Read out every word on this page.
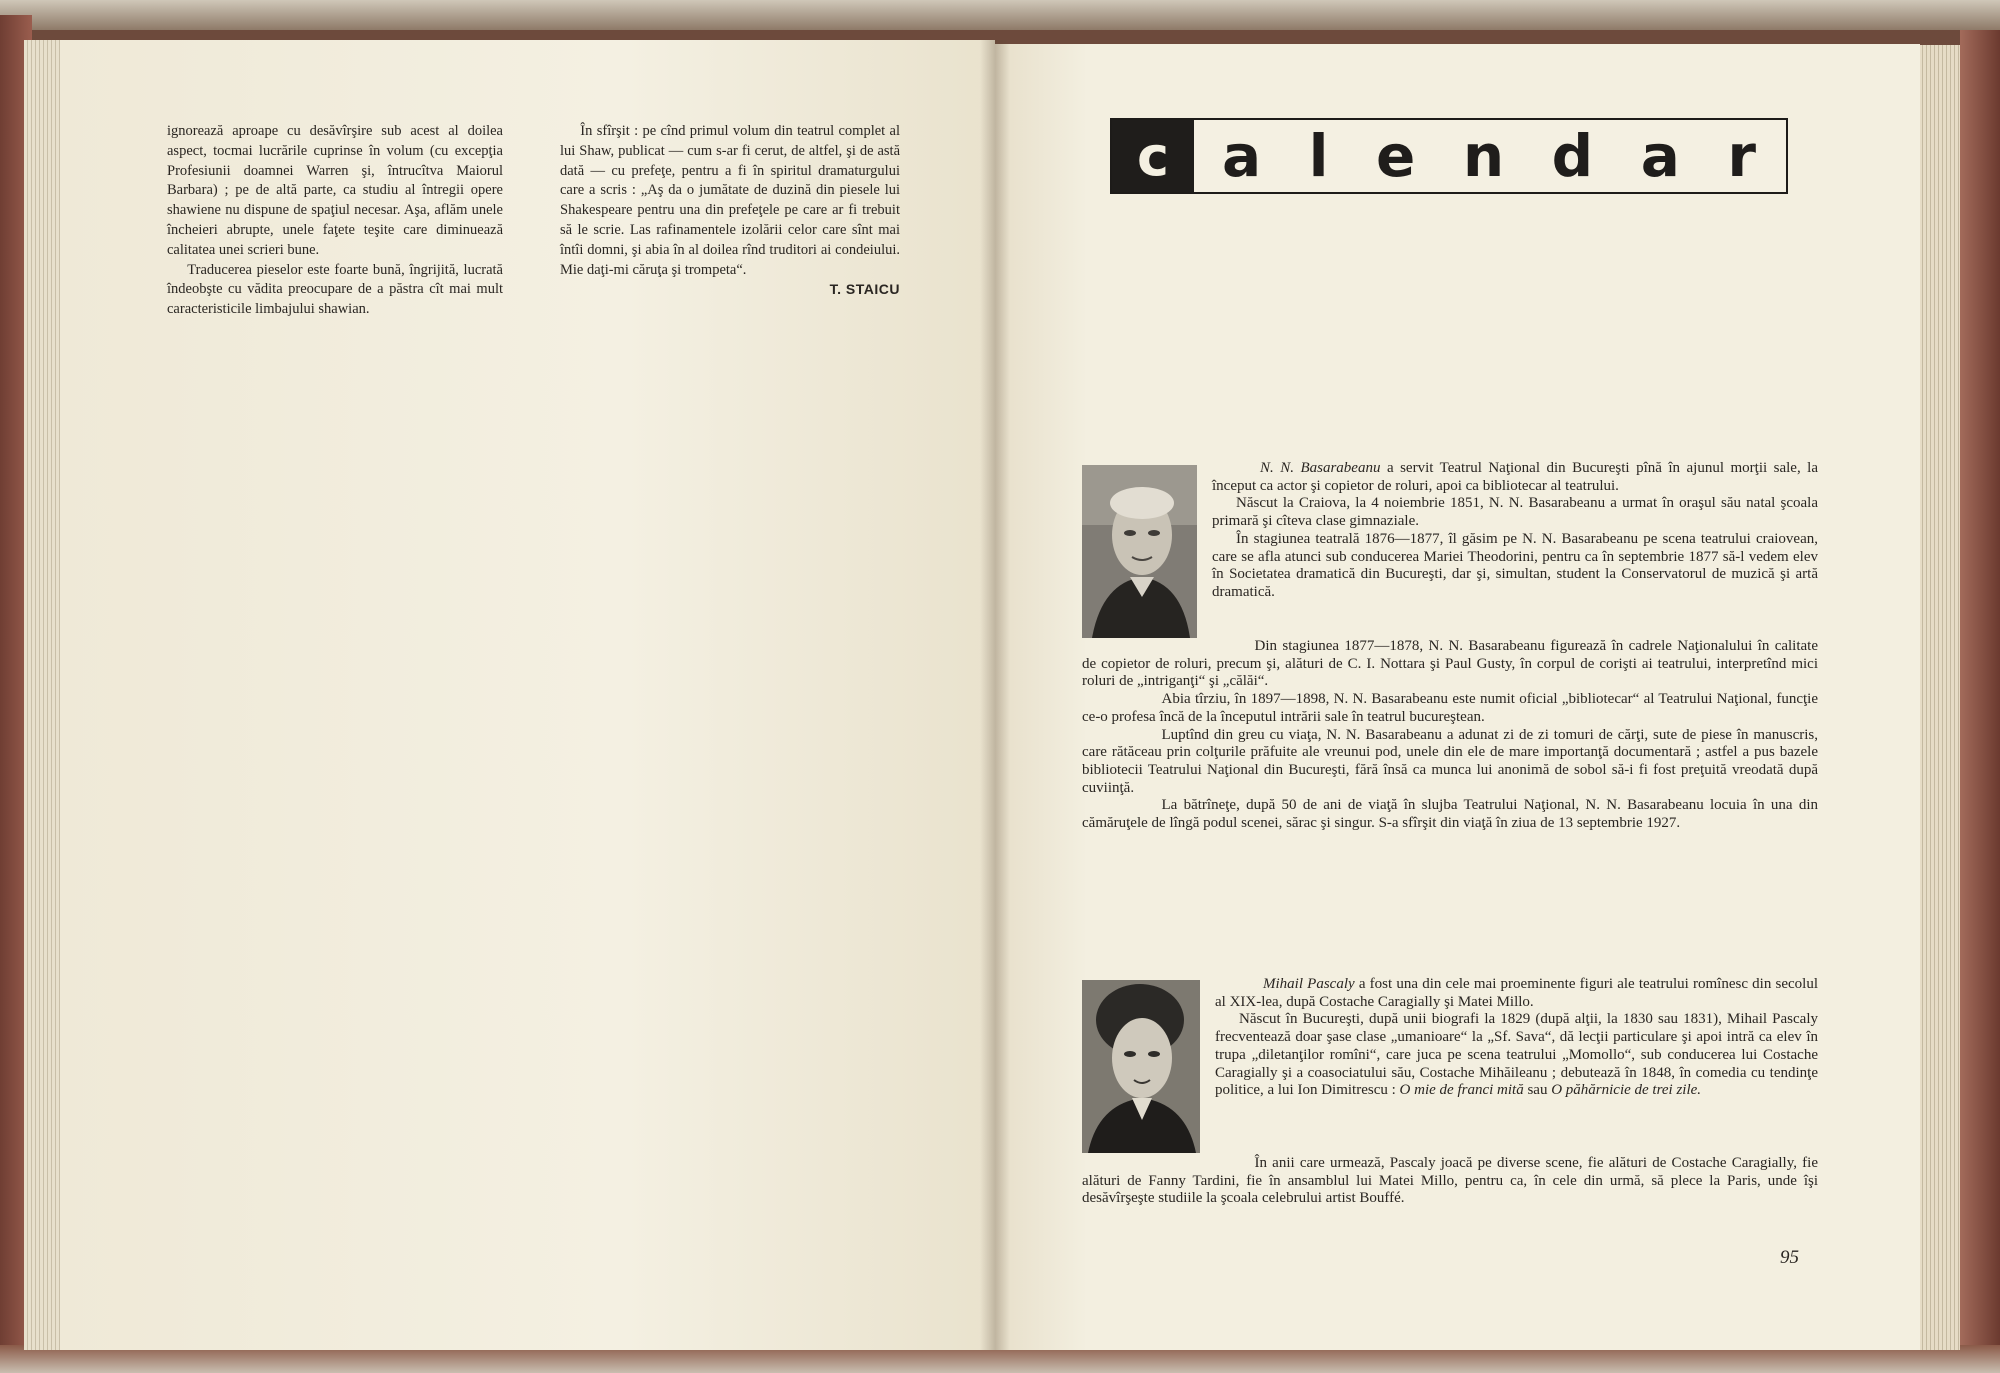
ignorează aproape cu desăvîrşire sub acest al doilea aspect, tocmai lucrările cuprinse în volum (cu excepţia Profesiunii doamnei Warren şi, întrucîtva Maiorul Barbara) ; pe de altă parte, ca studiu al întregii opere shawiene nu dispune de spaţiul necesar. Aşa, aflăm unele încheieri abrupte, unele faţete teşite care diminuează calitatea unei scrieri bune.

Traducerea pieselor este foarte bună, îngrijită, lucrată îndeobşte cu vădita preocupare de a păstra cît mai mult caracteristicile limbajului shawian.

În sfîrşit : pe cînd primul volum din teatrul complet al lui Shaw, publicat — cum s-ar fi cerut, de altfel, şi de astă dată — cu prefeţe, pentru a fi în spiritul dramaturgului care a scris : „Aş da o jumătate de duzină din piesele lui Shakespeare pentru una din prefeţele pe care ar fi trebuit să le scrie. Las rafinamentele izolării celor care sînt mai întîi domni, şi abia în al doilea rînd truditori ai condeiului. Mie daţi-mi căruţa şi trompeta“.

T. STAICU
c a l e n d a r

N. N. Basarabeanu a servit Teatrul Naţional din Bucureşti pînă în ajunul morţii sale, la început ca actor şi copietor de roluri, apoi ca bibliotecar al teatrului.

Născut la Craiova, la 4 noiembrie 1851, N. N. Basarabeanu a urmat în oraşul său natal şcoala primară şi cîteva clase gimnaziale.

În stagiunea teatrală 1876—1877, îl găsim pe N. N. Basarabeanu pe scena teatrului craiovean, care se afla atunci sub conducerea Mariei Theodorini, pentru ca în septembrie 1877 să-l vedem elev în Societatea dramatică din Bucureşti, dar şi, simultan, student la Conservatorul de muzică şi artă dramatică.

Din stagiunea 1877—1878, N. N. Basarabeanu figurează în cadrele Naţionalului în calitate de copietor de roluri, precum şi, alături de C. I. Nottara şi Paul Gusty, în corpul de corişti ai teatrului, interpretînd mici roluri de „intriganţi“ şi „călăi“.

Abia tîrziu, în 1897—1898, N. N. Basarabeanu este numit oficial „bibliotecar“ al Teatrului Naţional, funcţie ce-o profesa încă de la începutul intrării sale în teatrul bucureştean.

Luptînd din greu cu viaţa, N. N. Basarabeanu a adunat zi de zi tomuri de cărţi, sute de piese în manuscris, care rătăceau prin colţurile prăfuite ale vreunui pod, unele din ele de mare importanţă documentară ; astfel a pus bazele bibliotecii Teatrului Naţional din Bucureşti, fără însă ca munca lui anonimă de sobol să-i fi fost preţuită vreodată după cuviinţă.

La bătrîneţe, după 50 de ani de viaţă în slujba Teatrului Naţional, N. N. Basarabeanu locuia în una din cămăruţele de lîngă podul scenei, sărac şi singur. S-a sfîrşit din viaţă în ziua de 13 septembrie 1927.

Mihail Pascaly a fost una din cele mai proeminente figuri ale teatrului romînesc din secolul al XIX-lea, după Costache Caragially şi Matei Millo.

Născut în Bucureşti, după unii biografi la 1829 (după alţii, la 1830 sau 1831), Mihail Pascaly frecventează doar şase clase „umanioare“ la „Sf. Sava“, dă lecţii particulare şi apoi intră ca elev în trupa „diletanţilor romîni“, care juca pe scena teatrului „Momollo“, sub conducerea lui Costache Caragially şi a coasociatului său, Costache Mihăileanu ; debutează în 1848, în comedia cu tendinţe politice, a lui Ion Dimitrescu : O mie de franci mită sau O păhărnicie de trei zile.

În anii care urmează, Pascaly joacă pe diverse scene, fie alături de Costache Caragially, fie alături de Fanny Tardini, fie în ansamblul lui Matei Millo, pentru ca, în cele din urmă, să plece la Paris, unde îşi desăvîrşeşte studiile la şcoala celebrului artist Bouffé.

95
